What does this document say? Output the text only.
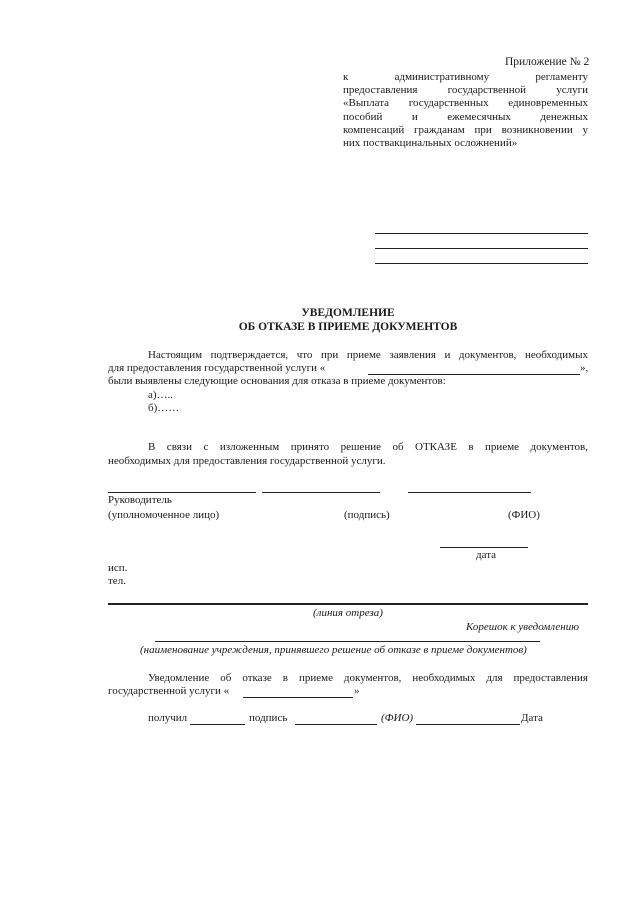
Приложение № 2
к административному регламенту
предоставления государственной услуги
«Выплата государственных единовременных
пособий и ежемесячных денежных
компенсаций гражданам при возникновении у
них поствакцинальных осложнений»
УВЕДОМЛЕНИЕ
ОБ ОТКАЗЕ В ПРИЕМЕ ДОКУМЕНТОВ
Настоящим подтверждается, что при приеме заявления и документов, необходимых
для предоставления государственной услуги «	»,
были выявлены следующие основания для отказа в приеме документов:
а)…..
б)……
В связи с изложенным принято решение об ОТКАЗЕ в приеме документов,
необходимых для предоставления государственной услуги.
Руководитель
(уполномоченное лицо)	(подпись)	(ФИО)
дата
исп.
тел.
(линия отреза)
Корешок к уведомлению
(наименование учреждения, принявшего решение об отказе в приеме документов)
Уведомление об отказе в приеме документов, необходимых для предоставления
государственной услуги «	»
получил	подпись	(ФИО)	Дата
